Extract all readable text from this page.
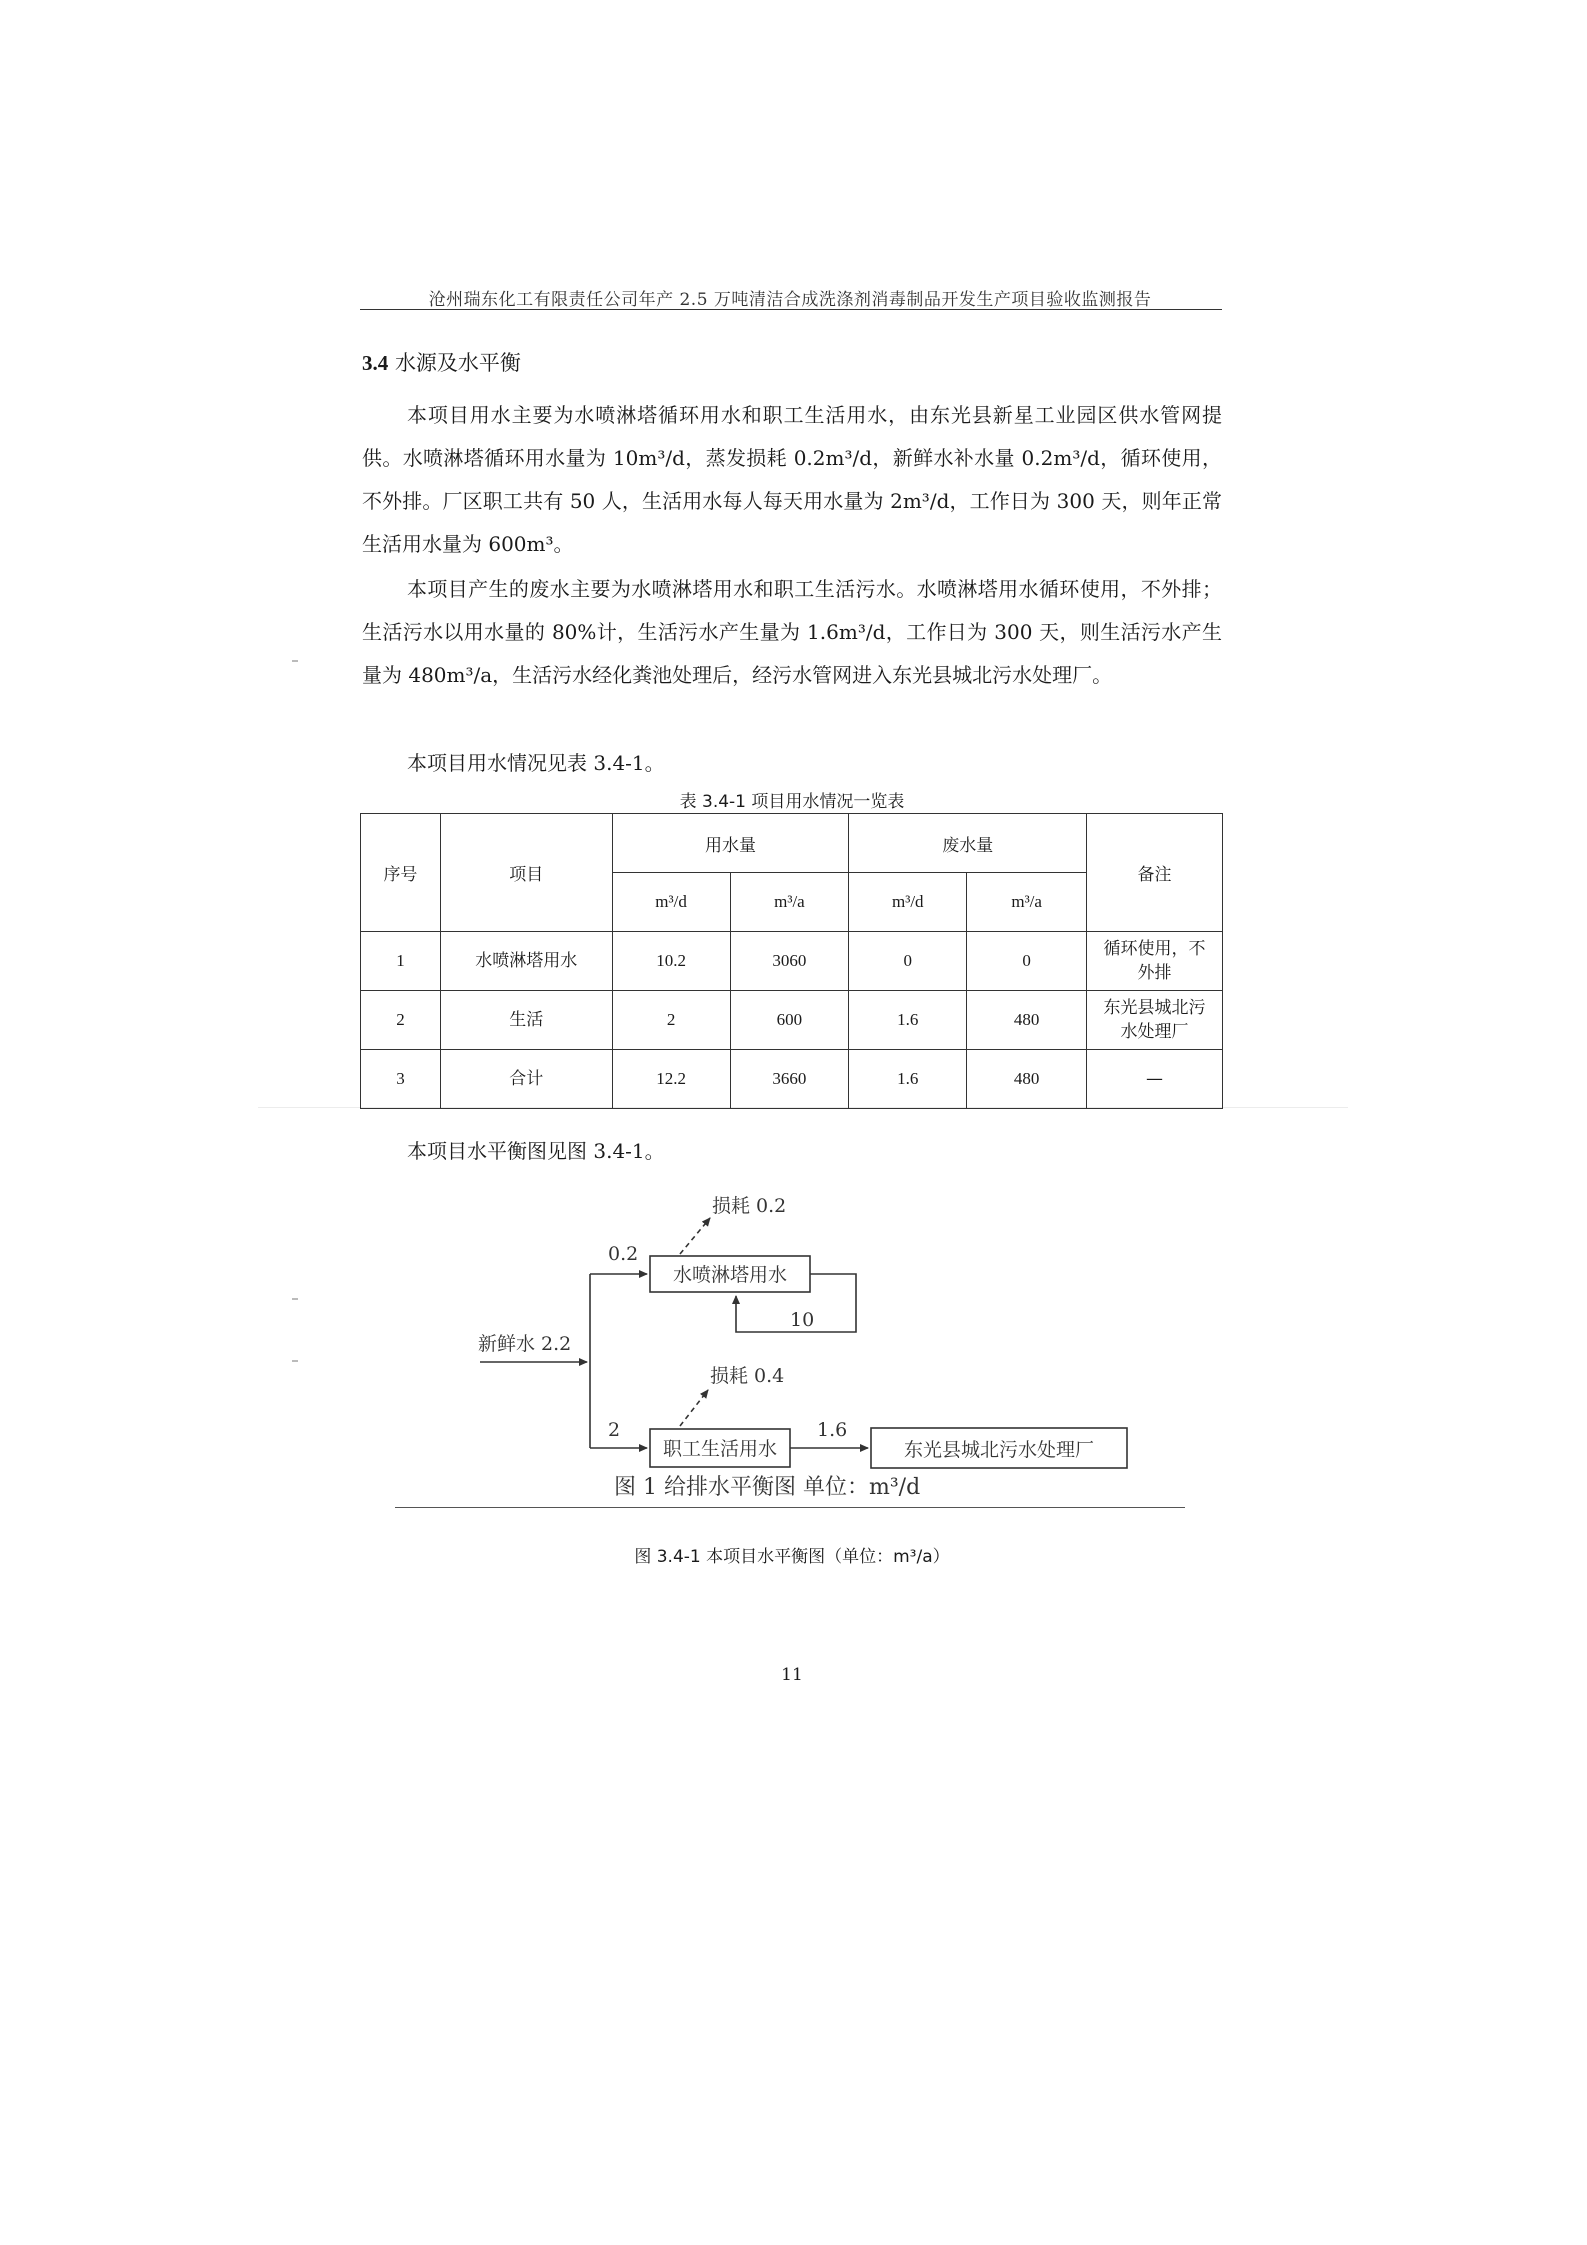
沧州瑞东化工有限责任公司年产 2.5 万吨清洁合成洗涤剂消毒制品开发生产项目验收监测报告
3.4 水源及水平衡
本项目用水主要为水喷淋塔循环用水和职工生活用水，由东光县新星工业园区供水管网提供。水喷淋塔循环用水量为 10m³/d，蒸发损耗 0.2m³/d，新鲜水补水量 0.2m³/d，循环使用，不外排。厂区职工共有 50 人，生活用水每人每天用水量为 2m³/d，工作日为 300 天，则年正常生活用水量为 600m³。
本项目产生的废水主要为水喷淋塔用水和职工生活污水。水喷淋塔用水循环使用，不外排；生活污水以用水量的 80%计，生活污水产生量为 1.6m³/d，工作日为 300 天，则生活污水产生量为 480m³/a，生活污水经化粪池处理后，经污水管网进入东光县城北污水处理厂。
本项目用水情况见表 3.4-1。
表 3.4-1 项目用水情况一览表
序号	项目	用水量		废水量		备注
		m³/d	m³/a	m³/d	m³/a	
1	水喷淋塔用水	10.2	3060	0	0	循环使用，不外排
2	生活	2	600	1.6	480	东光县城北污水处理厂
3	合计	12.2	3660	1.6	480	—
本项目水平衡图见图 3.4-1。
新鲜水 2.2
0.2
水喷淋塔用水
损耗 0.2
10
2
职工生活用水
损耗 0.4
1.6
东光县城北污水处理厂
图 1 给排水平衡图 单位：m³/d
图 3.4-1 本项目水平衡图（单位：m³/a）
11
